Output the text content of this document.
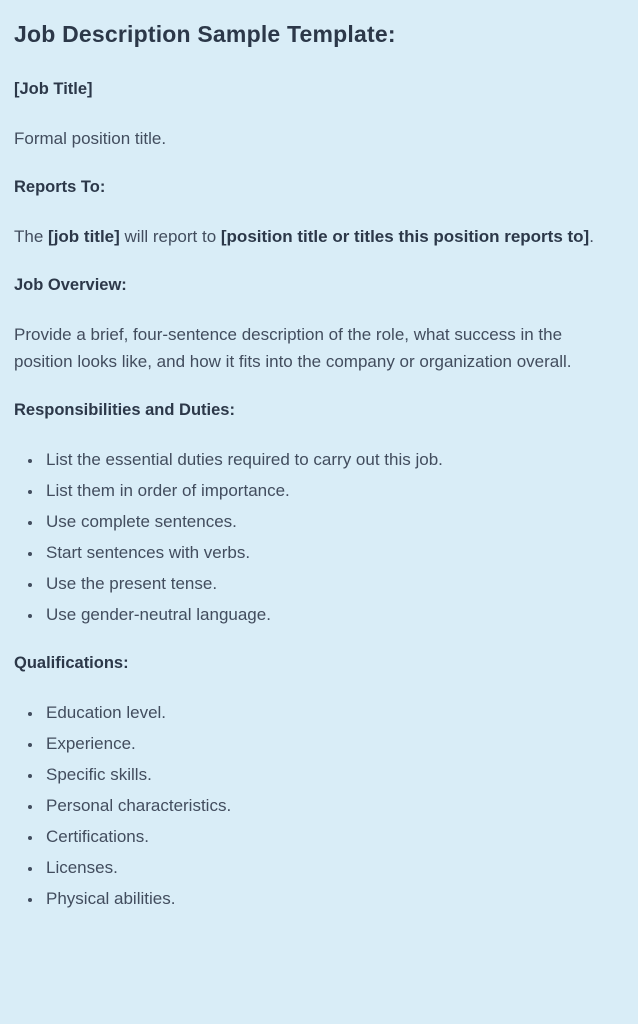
Job Description Sample Template:
[Job Title]

Formal position title.

Reports To:

The [job title] will report to [position title or titles this position reports to].

Job Overview:

Provide a brief, four-sentence description of the role, what success in the position looks like, and how it fits into the company or organization overall.

Responsibilities and Duties:
• List the essential duties required to carry out this job.
• List them in order of importance.
• Use complete sentences.
• Start sentences with verbs.
• Use the present tense.
• Use gender-neutral language.
Qualifications:
• Education level.
• Experience.
• Specific skills.
• Personal characteristics.
• Certifications.
• Licenses.
• Physical abilities.
